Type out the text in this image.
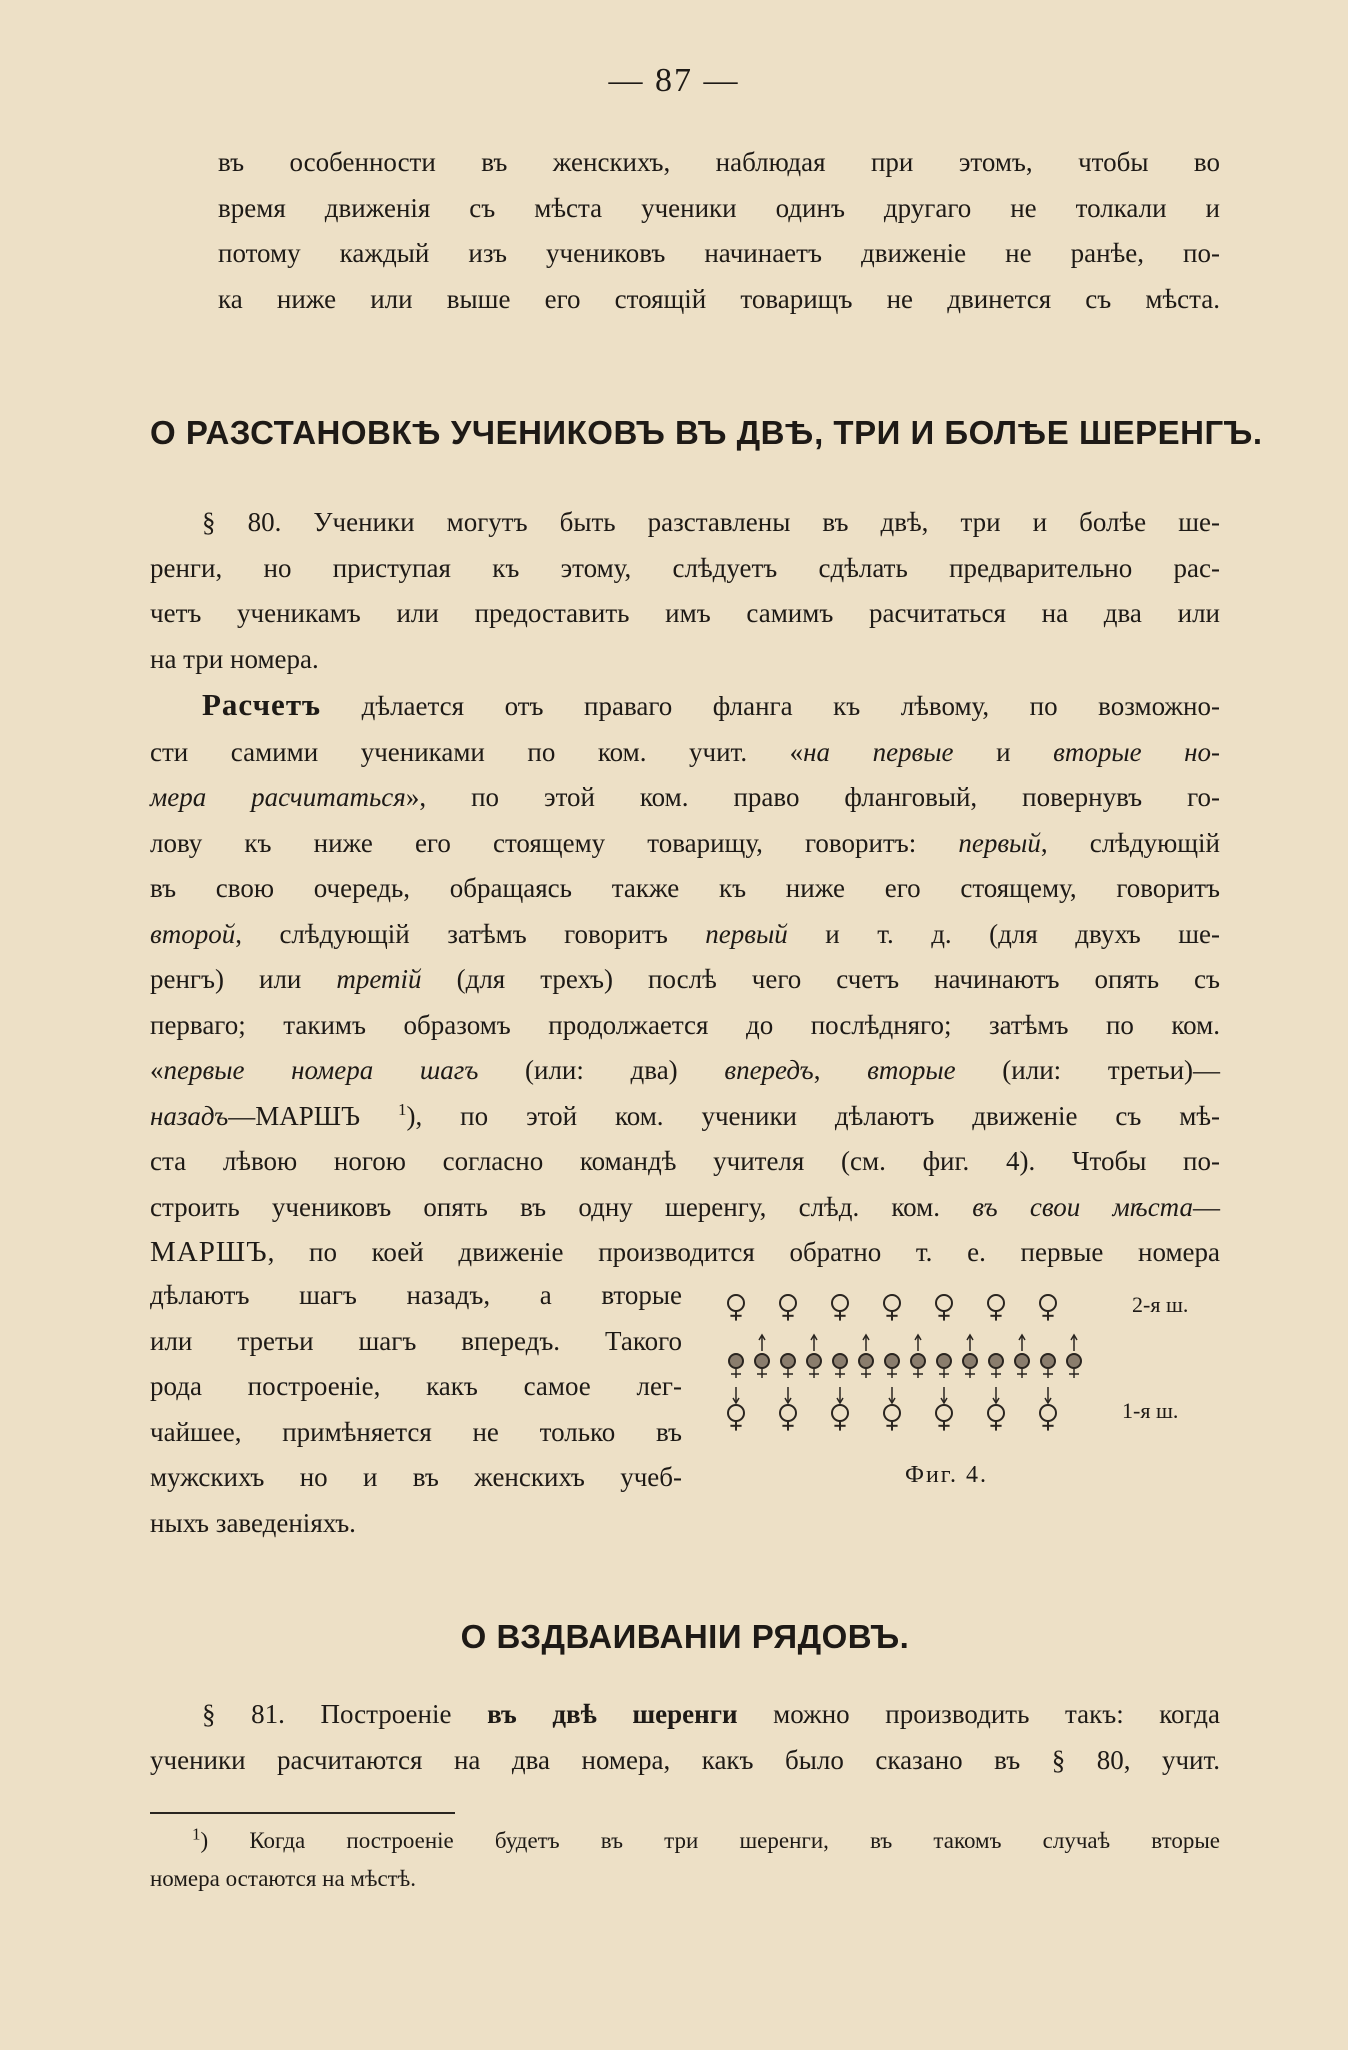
— 87 —
въ особенности въ женскихъ, наблюдая при этомъ, чтобы во
время движенія съ мѣста ученики одинъ другаго не толкали и
потому каждый изъ учениковъ начинаетъ движеніе не ранѣе, по-
ка ниже или выше его стоящій товарищъ не двинется съ мѣста.
О РАЗСТАНОВКѢ УЧЕНИКОВЪ ВЪ ДВѢ, ТРИ И БОЛѢЕ ШЕРЕНГЪ.
§ 80. Ученики могутъ быть разставлены въ двѣ, три и болѣе ше-
ренги, но приступая къ этому, слѣдуетъ сдѣлать предварительно рас-
четъ ученикамъ или предоставить имъ самимъ расчитаться на два или
на три номера.
Расчетъ дѣлается отъ праваго фланга къ лѣвому, по возможно-
сти самими учениками по ком. учит. «на первые и вторые но-
мера расчитаться», по этой ком. право фланговый, повернувъ го-
лову къ ниже его стоящему товарищу, говоритъ: первый, слѣдующій
въ свою очередь, обращаясь также къ ниже его стоящему, говоритъ
второй, слѣдующій затѣмъ говоритъ первый и т. д. (для двухъ ше-
ренгъ) или третій (для трехъ) послѣ чего счетъ начинаютъ опять съ
перваго; такимъ образомъ продолжается до послѣдняго; затѣмъ по ком.
«первые номера шагъ (или: два) впередъ, вторые (или: третьи)—
назадъ—МАРШЪ $^1$), по этой ком. ученики дѣлаютъ движеніе съ мѣ-
ста лѣвою ногою согласно командѣ учителя (см. фиг. 4). Чтобы по-
строить учениковъ опять въ одну шеренгу, слѣд. ком. въ свои мѣста—
МАРШЪ, по коей движеніе производится обратно т. е. первые номера
дѣлаютъ шагъ назадъ, а вторые
или третьи шагъ впередъ. Такого
рода построеніе, какъ самое лег-
чайшее, примѣняется не только въ
мужскихъ но и въ женскихъ учеб-
ныхъ заведеніяхъ.
2-я ш.
1-я ш.
Фиг. 4.
О ВЗДВАИВАНІИ РЯДОВЪ.
§ 81. Построеніе въ двѣ шеренги можно производить такъ: когда
ученики расчитаются на два номера, какъ было сказано въ § 80, учит.
$^1$) Когда построеніе будетъ въ три шеренги, въ такомъ случаѣ вторые
номера остаются на мѣстѣ.
